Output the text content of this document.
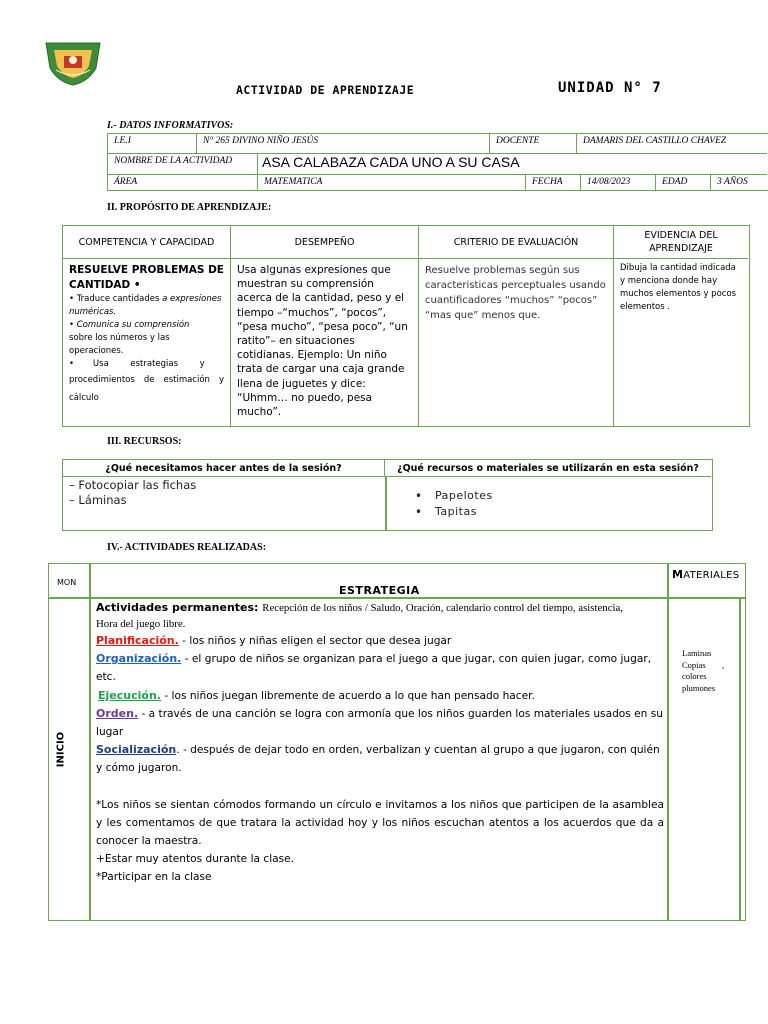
ACTIVIDAD DE APRENDIZAJE	UNIDAD N° 7
I.- DATOS INFORMATIVOS:
I.E.I	N° 265 DIVINO NIÑO JESÚS	DOCENTE	DAMARIS DEL CASTILLO CHAVEZ
NOMBRE DE LA ACTIVIDAD	ASA CALABAZA CADA UNO A SU CASA
ÁREA	MATEMATICA	FECHA	14/08/2023	EDAD	3 AÑOS
II. PROPÓSITO DE APRENDIZAJE:
COMPETENCIA Y CAPACIDAD
RESUELVE PROBLEMAS DE CANTIDAD •
• Traduce cantidades a expresiones numéricas.
• Comunica su comprensión
sobre los números y las operaciones.
•       Usa        estrategias        y
procedimientos de estimación y cálculo
DESEMPEÑO

Usa algunas expresiones que muestran su comprensión acerca de la cantidad, peso y el tiempo –“muchos”, “pocos”, “pesa mucho”, “pesa poco”, “un ratito”– en situaciones cotidianas. Ejemplo: Un niño trata de cargar una caja grande llena de juguetes y dice: “Uhmm… no puedo, pesa mucho”.

CRITERIO DE EVALUACIÓN

Resuelve problemas según sus caracteristicas perceptuales usando cuantificadores “muchos” “pocos” “mas que” menos que.

EVIDENCIA DEL APRENDIZAJE

Dibuja la cantidad indicada y menciona donde hay muchos elementos y pocos elementos .

III. RECURSOS:
¿Qué necesitamos hacer antes de la sesión?	¿Qué recursos o materiales se utilizarán en esta sesión?
– Fotocopiar las fichas
– Láminas
•	Papelotes
• Tapitas
IV.- ACTIVIDADES REALIZADAS:
MON
ESTRATEGIA
MATERIALES
INICIO
Laminas
Copias ,
colores
plumones
Actividades permanentes: Recepción de los niños / Saludo, Oración, calendario control del tiempo, asistencia,
Hora del juego libre.
Planificación. - los niños y niñas eligen el sector que desea jugar
Organización. - el grupo de niños se organizan para el juego a que jugar, con quien jugar, como jugar, etc.
Ejecución. - los niños juegan libremente de acuerdo a lo que han pensado hacer.
Orden. - a través de una canción se logra con armonía que los niños guarden los materiales usados en su lugar
Socialización. - después de dejar todo en orden, verbalizan y cuentan al grupo a que jugaron, con quién y cómo jugaron.
*Los niños se sientan cómodos formando un círculo e invitamos a los niños que participen de la asamblea y les comentamos de que tratara la actividad hoy y los niños escuchan atentos a los acuerdos que da a conocer la maestra.
+Estar muy atentos durante la clase.
*Participar en la clase
